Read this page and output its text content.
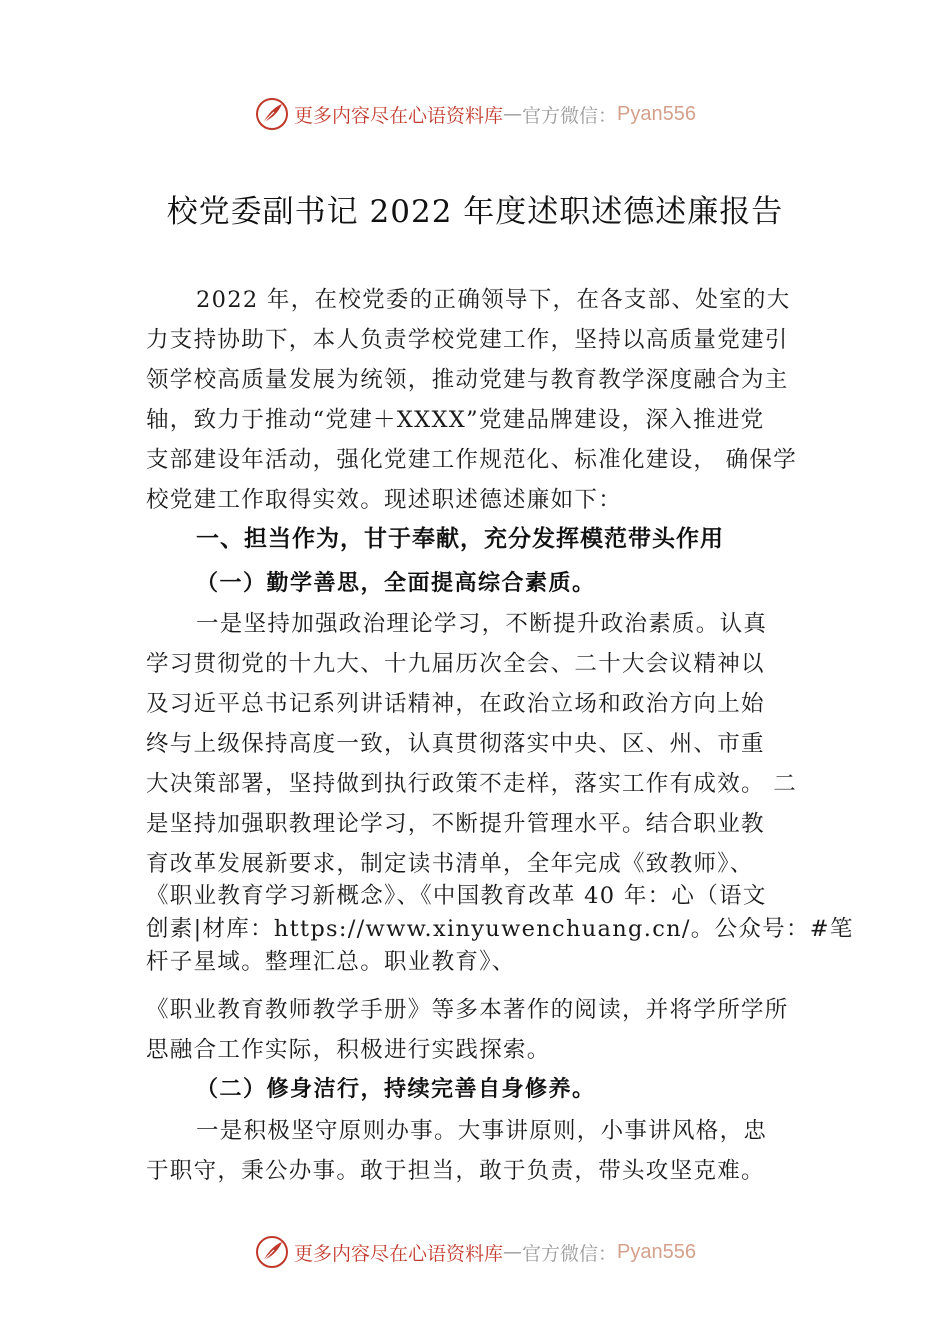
更多内容尽在心语资料库 — 官方微信： Pyan556
校党委副书记 2022 年度述职述德述廉报告
2022 年，在校党委的正确领导下，在各支部、处室的大
力支持协助下，本人负责学校党建工作，坚持以高质量党建引
领学校高质量发展为统领，推动党建与教育教学深度融合为主
轴，致力于推动“党建＋XXXX”党建品牌建设，深入推进党
支部建设年活动，强化党建工作规范化、标准化建设， 确保学
校党建工作取得实效。现述职述德述廉如下：
一、担当作为，甘于奉献，充分发挥模范带头作用
（一）勤学善思，全面提高综合素质。
一是坚持加强政治理论学习，不断提升政治素质。认真
学习贯彻党的十九大、十九届历次全会、二十大会议精神以
及习近平总书记系列讲话精神，在政治立场和政治方向上始
终与上级保持高度一致，认真贯彻落实中央、区、州、市重
大决策部署，坚持做到执行政策不走样，落实工作有成效。 二
是坚持加强职教理论学习，不断提升管理水平。结合职业教
育改革发展新要求，制定读书清单，全年完成《致教师》、
《职业教育学习新概念》、《中国教育改革 40 年：心（语文
创素|材库：https://www.xinyuwenchuang.cn/。公众号：#笔
杆子星域。整理汇总。职业教育》、
《职业教育教师教学手册》等多本著作的阅读，并将学所学所
思融合工作实际，积极进行实践探索。
（二）修身洁行，持续完善自身修养。
一是积极坚守原则办事。大事讲原则，小事讲风格，忠
于职守，秉公办事。敢于担当，敢于负责，带头攻坚克难。
更多内容尽在心语资料库 — 官方微信： Pyan556
